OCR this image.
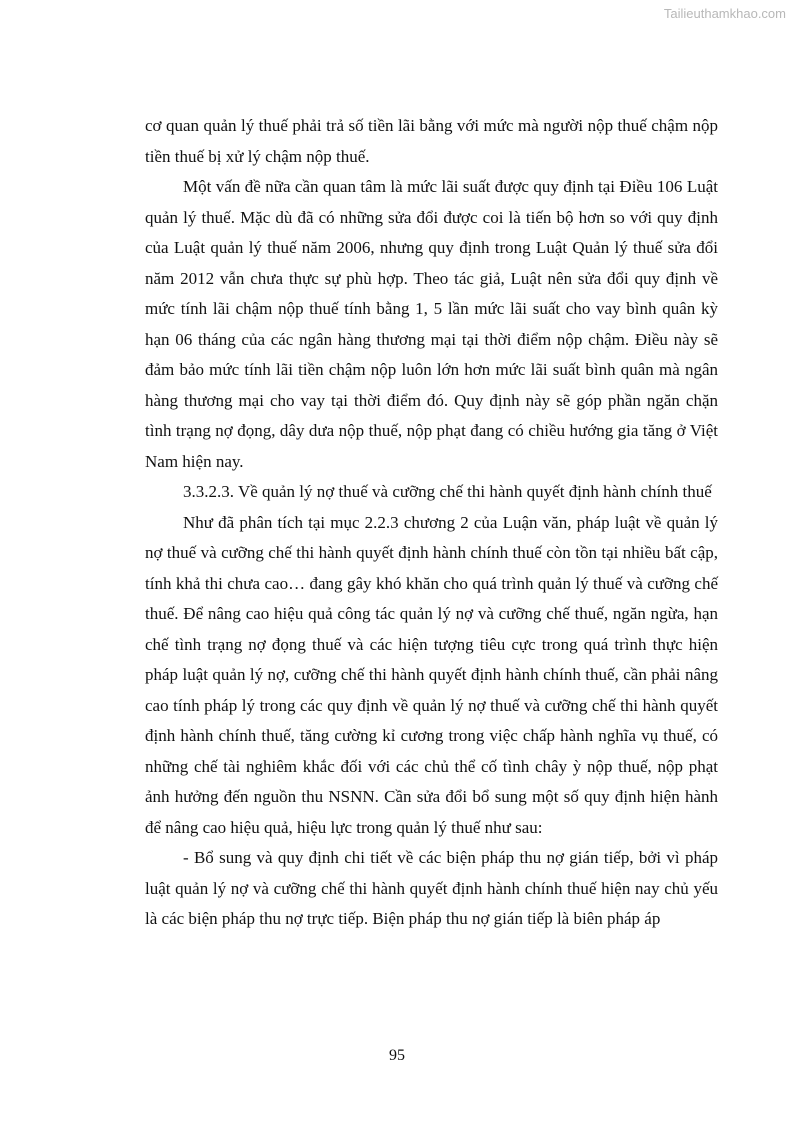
Tailieuthamkhao.com

cơ quan quản lý thuế phải trả số tiền lãi bằng với mức mà người nộp thuế chậm nộp tiền thuế bị xử lý chậm nộp thuế.

Một vấn đề nữa cần quan tâm là mức lãi suất được quy định tại Điều 106 Luật quản lý thuế. Mặc dù đã có những sửa đổi được coi là tiến bộ hơn so với quy định của Luật quản lý thuế năm 2006, nhưng quy định trong Luật Quản lý thuế sửa đổi năm 2012 vẫn chưa thực sự phù hợp. Theo tác giả, Luật nên sửa đổi quy định về mức tính lãi chậm nộp thuế tính bằng 1, 5 lần mức lãi suất cho vay bình quân kỳ hạn 06 tháng của các ngân hàng thương mại tại thời điểm nộp chậm. Điều này sẽ đảm bảo mức tính lãi tiền chậm nộp luôn lớn hơn mức lãi suất bình quân mà ngân hàng thương mại cho vay tại thời điểm đó. Quy định này sẽ góp phần ngăn chặn tình trạng nợ đọng, dây dưa nộp thuế, nộp phạt đang có chiều hướng gia tăng ở Việt Nam hiện nay.

3.3.2.3. Về quản lý nợ thuế và cưỡng chế thi hành quyết định hành chính thuế

Như đã phân tích tại mục 2.2.3 chương 2 của Luận văn, pháp luật về quản lý nợ thuế và cưỡng chế thi hành quyết định hành chính thuế còn tồn tại nhiều bất cập, tính khả thi chưa cao… đang gây khó khăn cho quá trình quản lý thuế và cưỡng chế thuế. Để nâng cao hiệu quả công tác quản lý nợ và cưỡng chế thuế, ngăn ngừa, hạn chế tình trạng nợ đọng thuế và các hiện tượng tiêu cực trong quá trình thực hiện pháp luật quản lý nợ, cưỡng chế thi hành quyết định hành chính thuế, cần phải nâng cao tính pháp lý trong các quy định về quản lý nợ thuế và cưỡng chế thi hành quyết định hành chính thuế, tăng cường kỉ cương trong việc chấp hành nghĩa vụ thuế, có những chế tài nghiêm khắc đối với các chủ thể cố tình chây ỳ nộp thuế, nộp phạt ảnh hưởng đến nguồn thu NSNN. Cần sửa đổi bổ sung một số quy định hiện hành để nâng cao hiệu quả, hiệu lực trong quản lý thuế như sau:

- Bổ sung và quy định chi tiết về các biện pháp thu nợ gián tiếp, bởi vì pháp luật quản lý nợ và cưỡng chế thi hành quyết định hành chính thuế hiện nay chủ yếu là các biện pháp thu nợ trực tiếp. Biện pháp thu nợ gián tiếp là biên pháp áp

95
